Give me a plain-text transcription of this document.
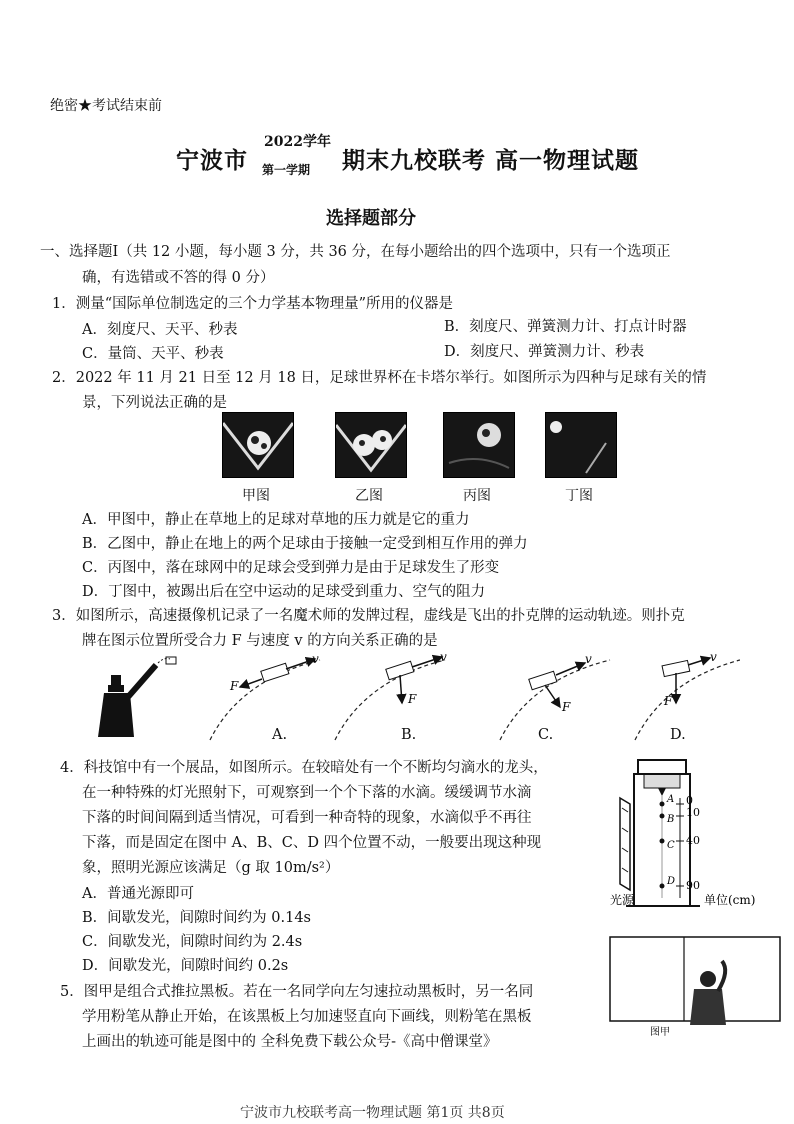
绝密★考试结束前
宁波市
2022学年
第一学期 期末九校联考 高一物理试题
选择题部分
一、选择题Ⅰ（共 12 小题，每小题 3 分，共 36 分，在每小题给出的四个选项中，只有一个选项正
确，有选错或不答的得 0 分）
1．测量“国际单位制选定的三个力学基本物理量”所用的仪器是
A．刻度尺、天平、秒表	B．刻度尺、弹簧测力计、打点计时器
C．量筒、天平、秒表	D．刻度尺、弹簧测力计、秒表
2．2022 年 11 月 21 日至 12 月 18 日，足球世界杯在卡塔尔举行。如图所示为四种与足球有关的情
景，下列说法正确的是
甲图	乙图	丙图	丁图
A．甲图中，静止在草地上的足球对草地的压力就是它的重力
B．乙图中，静止在地上的两个足球由于接触一定受到相互作用的弹力
C．丙图中，落在球网中的足球会受到弹力是由于足球发生了形变
D．丁图中，被踢出后在空中运动的足球受到重力、空气的阻力
3．如图所示，高速摄像机记录了一名魔术师的发牌过程，虚线是飞出的扑克牌的运动轨迹。则扑克
牌在图示位置所受合力 F 与速度 v 的方向关系正确的是
v
F
v
F
v
F
v
F
A.	B.	C.	D.
4．科技馆中有一个展品，如图所示。在较暗处有一个不断均匀滴水的龙头，
在一种特殊的灯光照射下，可观察到一个个下落的水滴。缓缓调节水滴
下落的时间间隔到适当情况，可看到一种奇特的现象，水滴似乎不再往
下落，而是固定在图中 A、B、C、D 四个位置不动，一般要出现这种现
象，照明光源应该满足（g 取 10m/s²）
A．普通光源即可
B．间歇发光，间隙时间约为 0.14s
C．间歇发光，间隙时间约为 2.4s
D．间歇发光，间隙时间约 0.2s
0
10
40
90
A
B
C
D
光源	单位(cm)
5．图甲是组合式推拉黑板。若在一名同学向左匀速拉动黑板时，另一名同
学用粉笔从静止开始，在该黑板上匀加速竖直向下画线，则粉笔在黑板
上画出的轨迹可能是图中的 全科免费下载公众号-《高中僧课堂》
图甲
宁波市九校联考高一物理试题 第1页 共8页
